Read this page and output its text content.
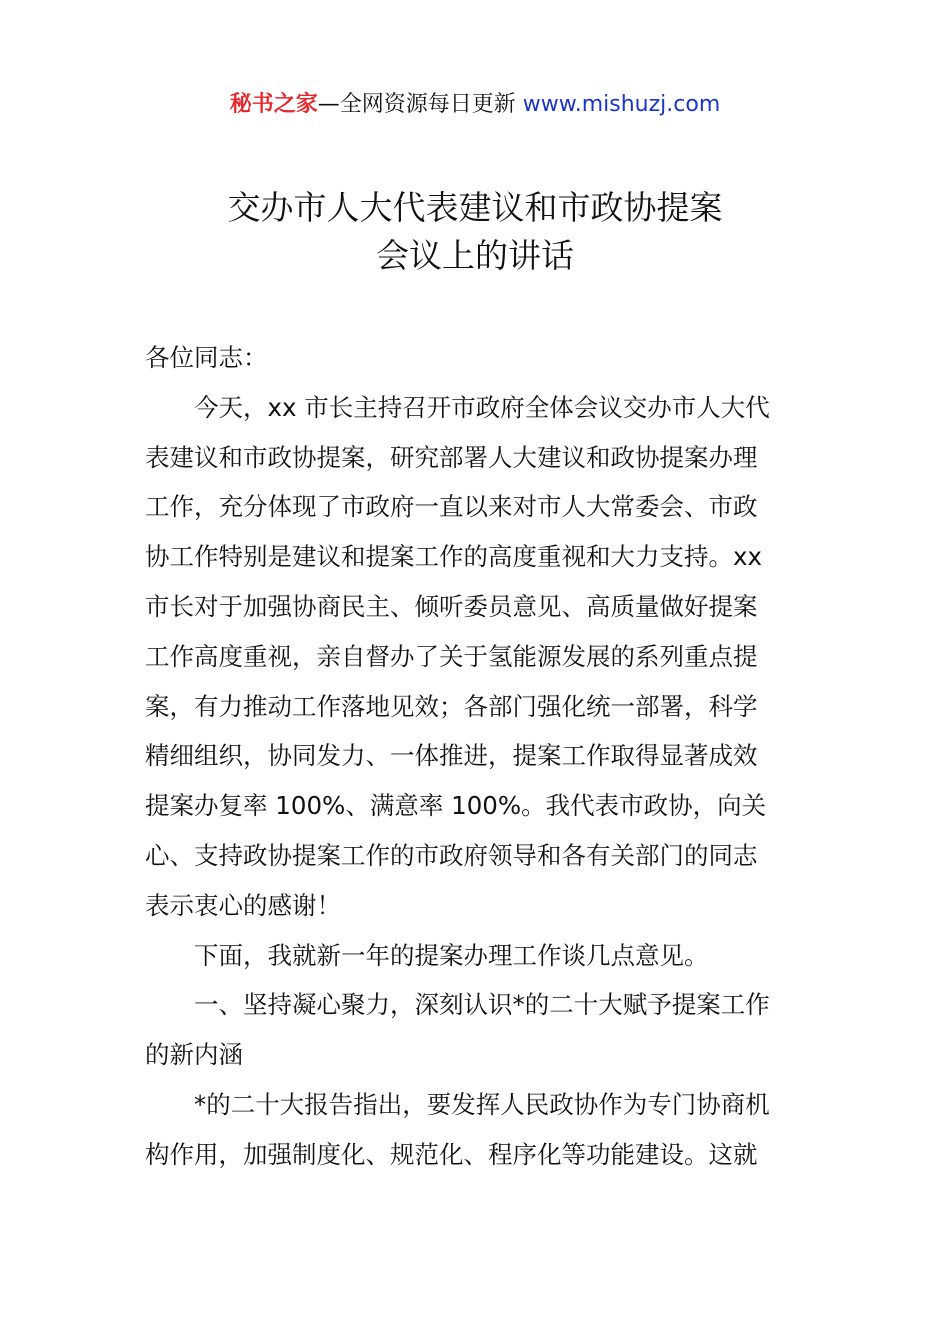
秘书之家—全网资源每日更新 www.mishuzj.com
交办市人大代表建议和市政协提案
会议上的讲话
各位同志：
今天，xx 市长主持召开市政府全体会议交办市人大代
表建议和市政协提案，研究部署人大建议和政协提案办理
工作，充分体现了市政府一直以来对市人大常委会、市政
协工作特别是建议和提案工作的高度重视和大力支持。xx
市长对于加强协商民主、倾听委员意见、高质量做好提案
工作高度重视，亲自督办了关于氢能源发展的系列重点提
案，有力推动工作落地见效；各部门强化统一部署，科学
精细组织，协同发力、一体推进，提案工作取得显著成效
提案办复率 100%、满意率 100%。我代表市政协，向关
心、支持政协提案工作的市政府领导和各有关部门的同志
表示衷心的感谢！
下面，我就新一年的提案办理工作谈几点意见。
一、坚持凝心聚力，深刻认识*的二十大赋予提案工作
的新内涵
*的二十大报告指出，要发挥人民政协作为专门协商机
构作用，加强制度化、规范化、程序化等功能建设。这就
